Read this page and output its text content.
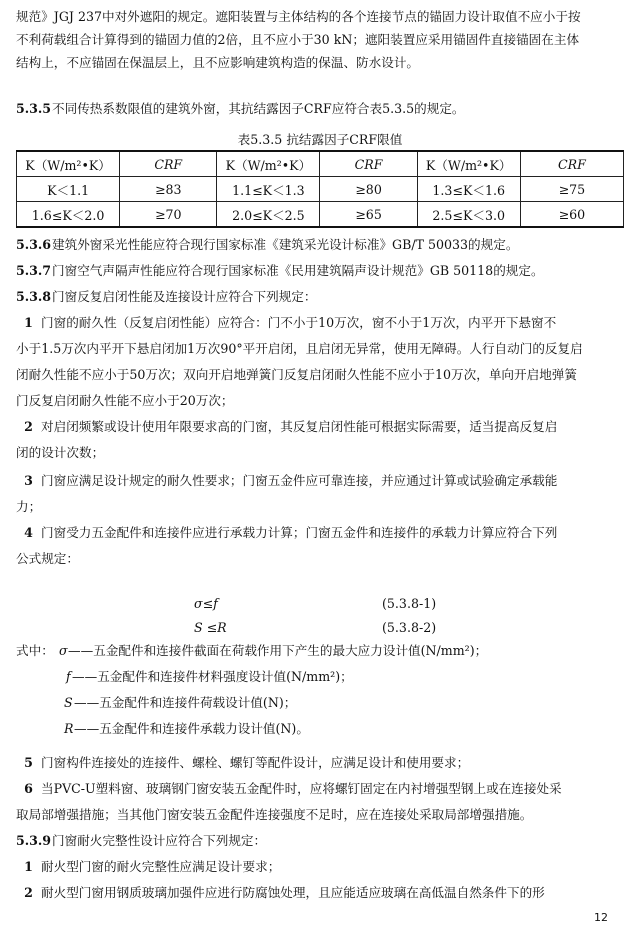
规范》JGJ 237中对外遮阳的规定。遮阳装置与主体结构的各个连接节点的锚固力设计取值不应小于按

不利荷载组合计算得到的锚固力值的2倍，且不应小于30 kN；遮阳装置应采用锚固件直接锚固在主体

结构上，不应锚固在保温层上，且不应影响建筑构造的保温、防水设计。

5.3.5不同传热系数限值的建筑外窗，其抗结露因子CRF应符合表5.3.5的规定。

表5.3.5 抗结露因子CRF限值
K（W/m²•K）	CRF	K（W/m²•K）	CRF	K（W/m²•K）	CRF
K＜1.1	≥83	1.1≤K＜1.3	≥80	1.3≤K＜1.6	≥75
1.6≤K＜2.0	≥70	2.0≤K＜2.5	≥65	2.5≤K＜3.0	≥60

5.3.6建筑外窗采光性能应符合现行国家标准《建筑采光设计标准》GB/T 50033的规定。

5.3.7门窗空气声隔声性能应符合现行国家标准《民用建筑隔声设计规范》GB 50118的规定。

5.3.8门窗反复启闭性能及连接设计应符合下列规定：

1 门窗的耐久性（反复启闭性能）应符合：门不小于10万次，窗不小于1万次，内平开下悬窗不

小于1.5万次内平开下悬启闭加1万次90°平开启闭，且启闭无异常，使用无障碍。人行自动门的反复启

闭耐久性能不应小于50万次；双向开启地弹簧门反复启闭耐久性能不应小于10万次，单向开启地弹簧

门反复启闭耐久性能不应小于20万次；

2 对启闭频繁或设计使用年限要求高的门窗，其反复启闭性能可根据实际需要，适当提高反复启

闭的设计次数；

3 门窗应满足设计规定的耐久性要求；门窗五金件应可靠连接，并应通过计算或试验确定承载能

力；

4 门窗受力五金配件和连接件应进行承载力计算；门窗五金件和连接件的承载力计算应符合下列

公式规定：

σ≤f	(5.3.8-1)
S ≤R	(5.3.8-2)
式中： σ ——五金配件和连接件截面在荷载作用下产生的最大应力设计值(N/mm²)；
f ——五金配件和连接件材料强度设计值(N/mm²)；
S ——五金配件和连接件荷载设计值(N)；
R ——五金配件和连接件承载力设计值(N)。

5 门窗构件连接处的连接件、螺栓、螺钉等配件设计，应满足设计和使用要求；

6 当PVC-U塑料窗、玻璃钢门窗安装五金配件时，应将螺钉固定在内衬增强型钢上或在连接处采

取局部增强措施；当其他门窗安装五金配件连接强度不足时，应在连接处采取局部增强措施。

5.3.9门窗耐火完整性设计应符合下列规定：

1 耐火型门窗的耐火完整性应满足设计要求；

2 耐火型门窗用钢质玻璃加强件应进行防腐蚀处理，且应能适应玻璃在高低温自然条件下的形

12
